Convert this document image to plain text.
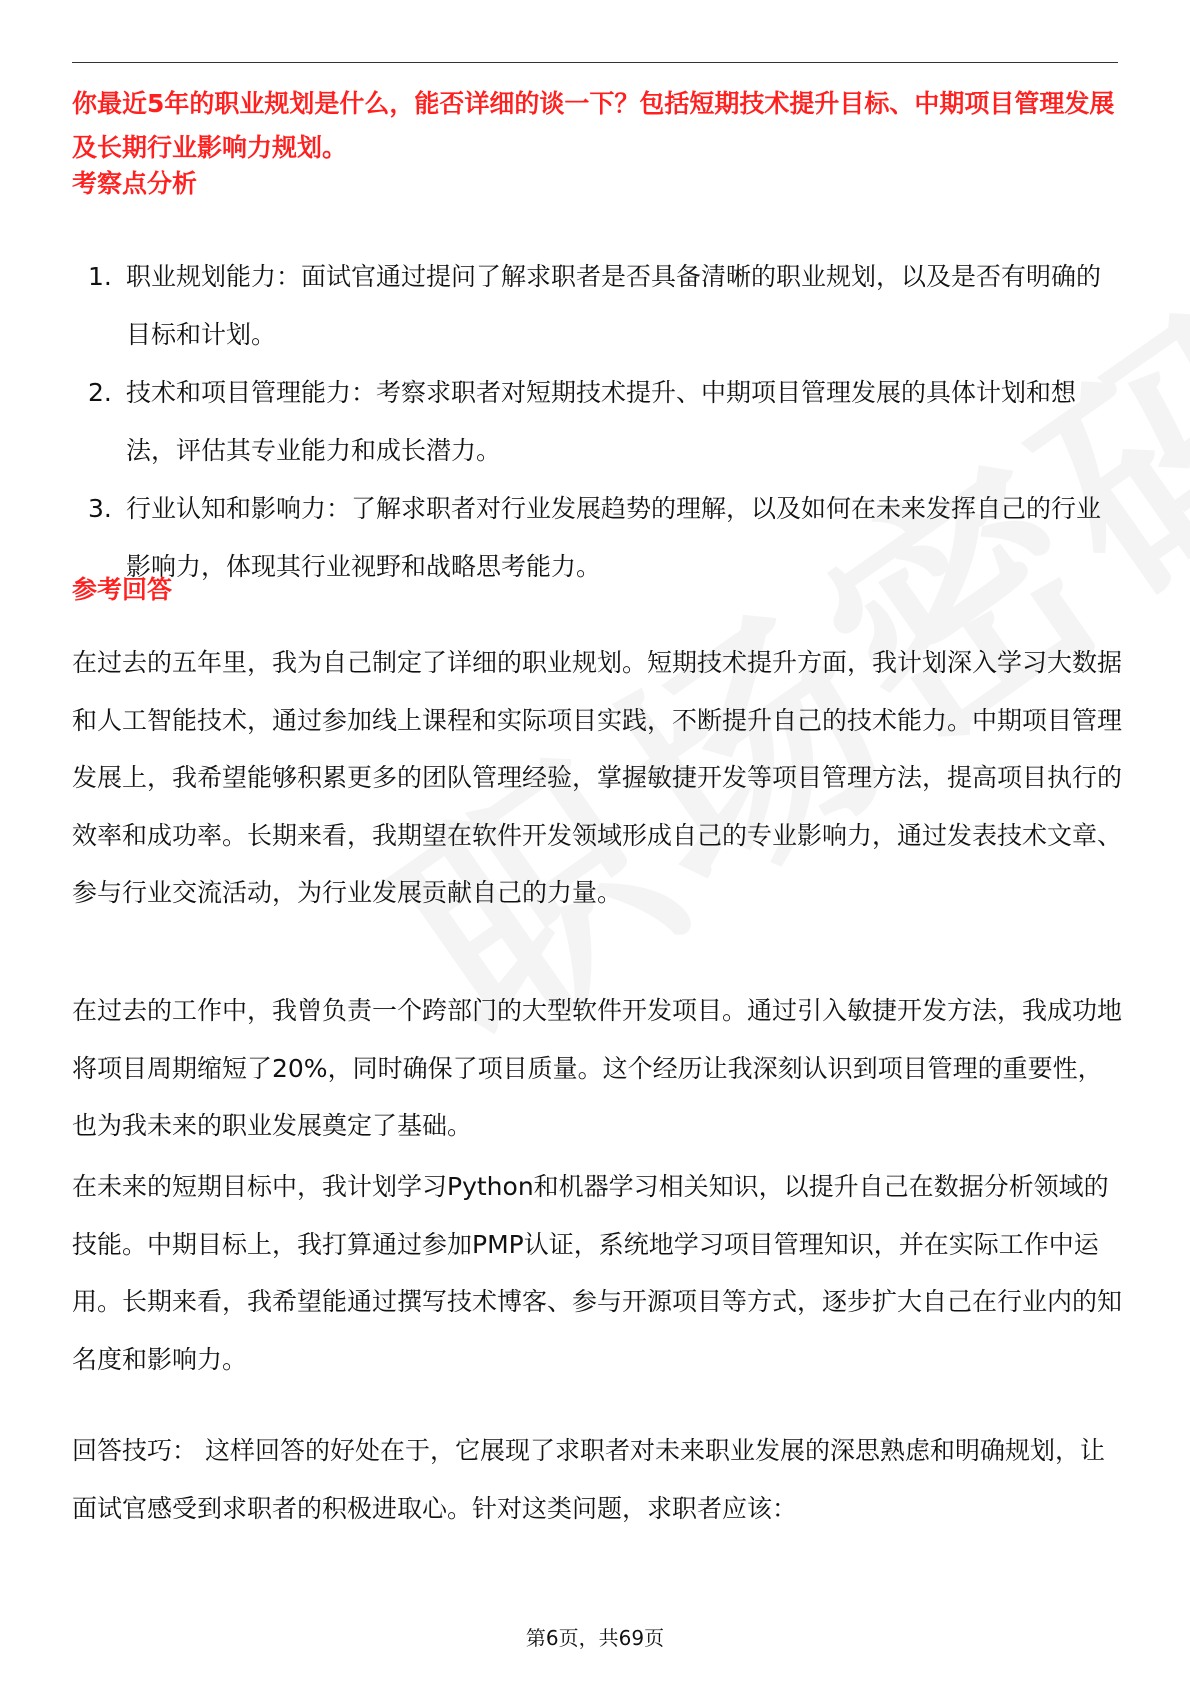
你最近5年的职业规划是什么，能否详细的谈一下？包括短期技术提升目标、中期项目管理发展及长期行业影响力规划。

考察点分析

1. 职业规划能力：面试官通过提问了解求职者是否具备清晰的职业规划，以及是否有明确的目标和计划。
2. 技术和项目管理能力：考察求职者对短期技术提升、中期项目管理发展的具体计划和想法，评估其专业能力和成长潜力。
3. 行业认知和影响力：了解求职者对行业发展趋势的理解，以及如何在未来发挥自己的行业影响力，体现其行业视野和战略思考能力。

参考回答

在过去的五年里，我为自己制定了详细的职业规划。短期技术提升方面，我计划深入学习大数据和人工智能技术，通过参加线上课程和实际项目实践，不断提升自己的技术能力。中期项目管理发展上，我希望能够积累更多的团队管理经验，掌握敏捷开发等项目管理方法，提高项目执行的效率和成功率。长期来看，我期望在软件开发领域形成自己的专业影响力，通过发表技术文章、参与行业交流活动，为行业发展贡献自己的力量。

在过去的工作中，我曾负责一个跨部门的大型软件开发项目。通过引入敏捷开发方法，我成功地将项目周期缩短了20%，同时确保了项目质量。这个经历让我深刻认识到项目管理的重要性，也为我未来的职业发展奠定了基础。

在未来的短期目标中，我计划学习Python和机器学习相关知识，以提升自己在数据分析领域的技能。中期目标上，我打算通过参加PMP认证，系统地学习项目管理知识，并在实际工作中运用。长期来看，我希望能通过撰写技术博客、参与开源项目等方式，逐步扩大自己在行业内的知名度和影响力。

回答技巧： 这样回答的好处在于，它展现了求职者对未来职业发展的深思熟虑和明确规划，让面试官感受到求职者的积极进取心。针对这类问题，求职者应该：

第6页，共69页
